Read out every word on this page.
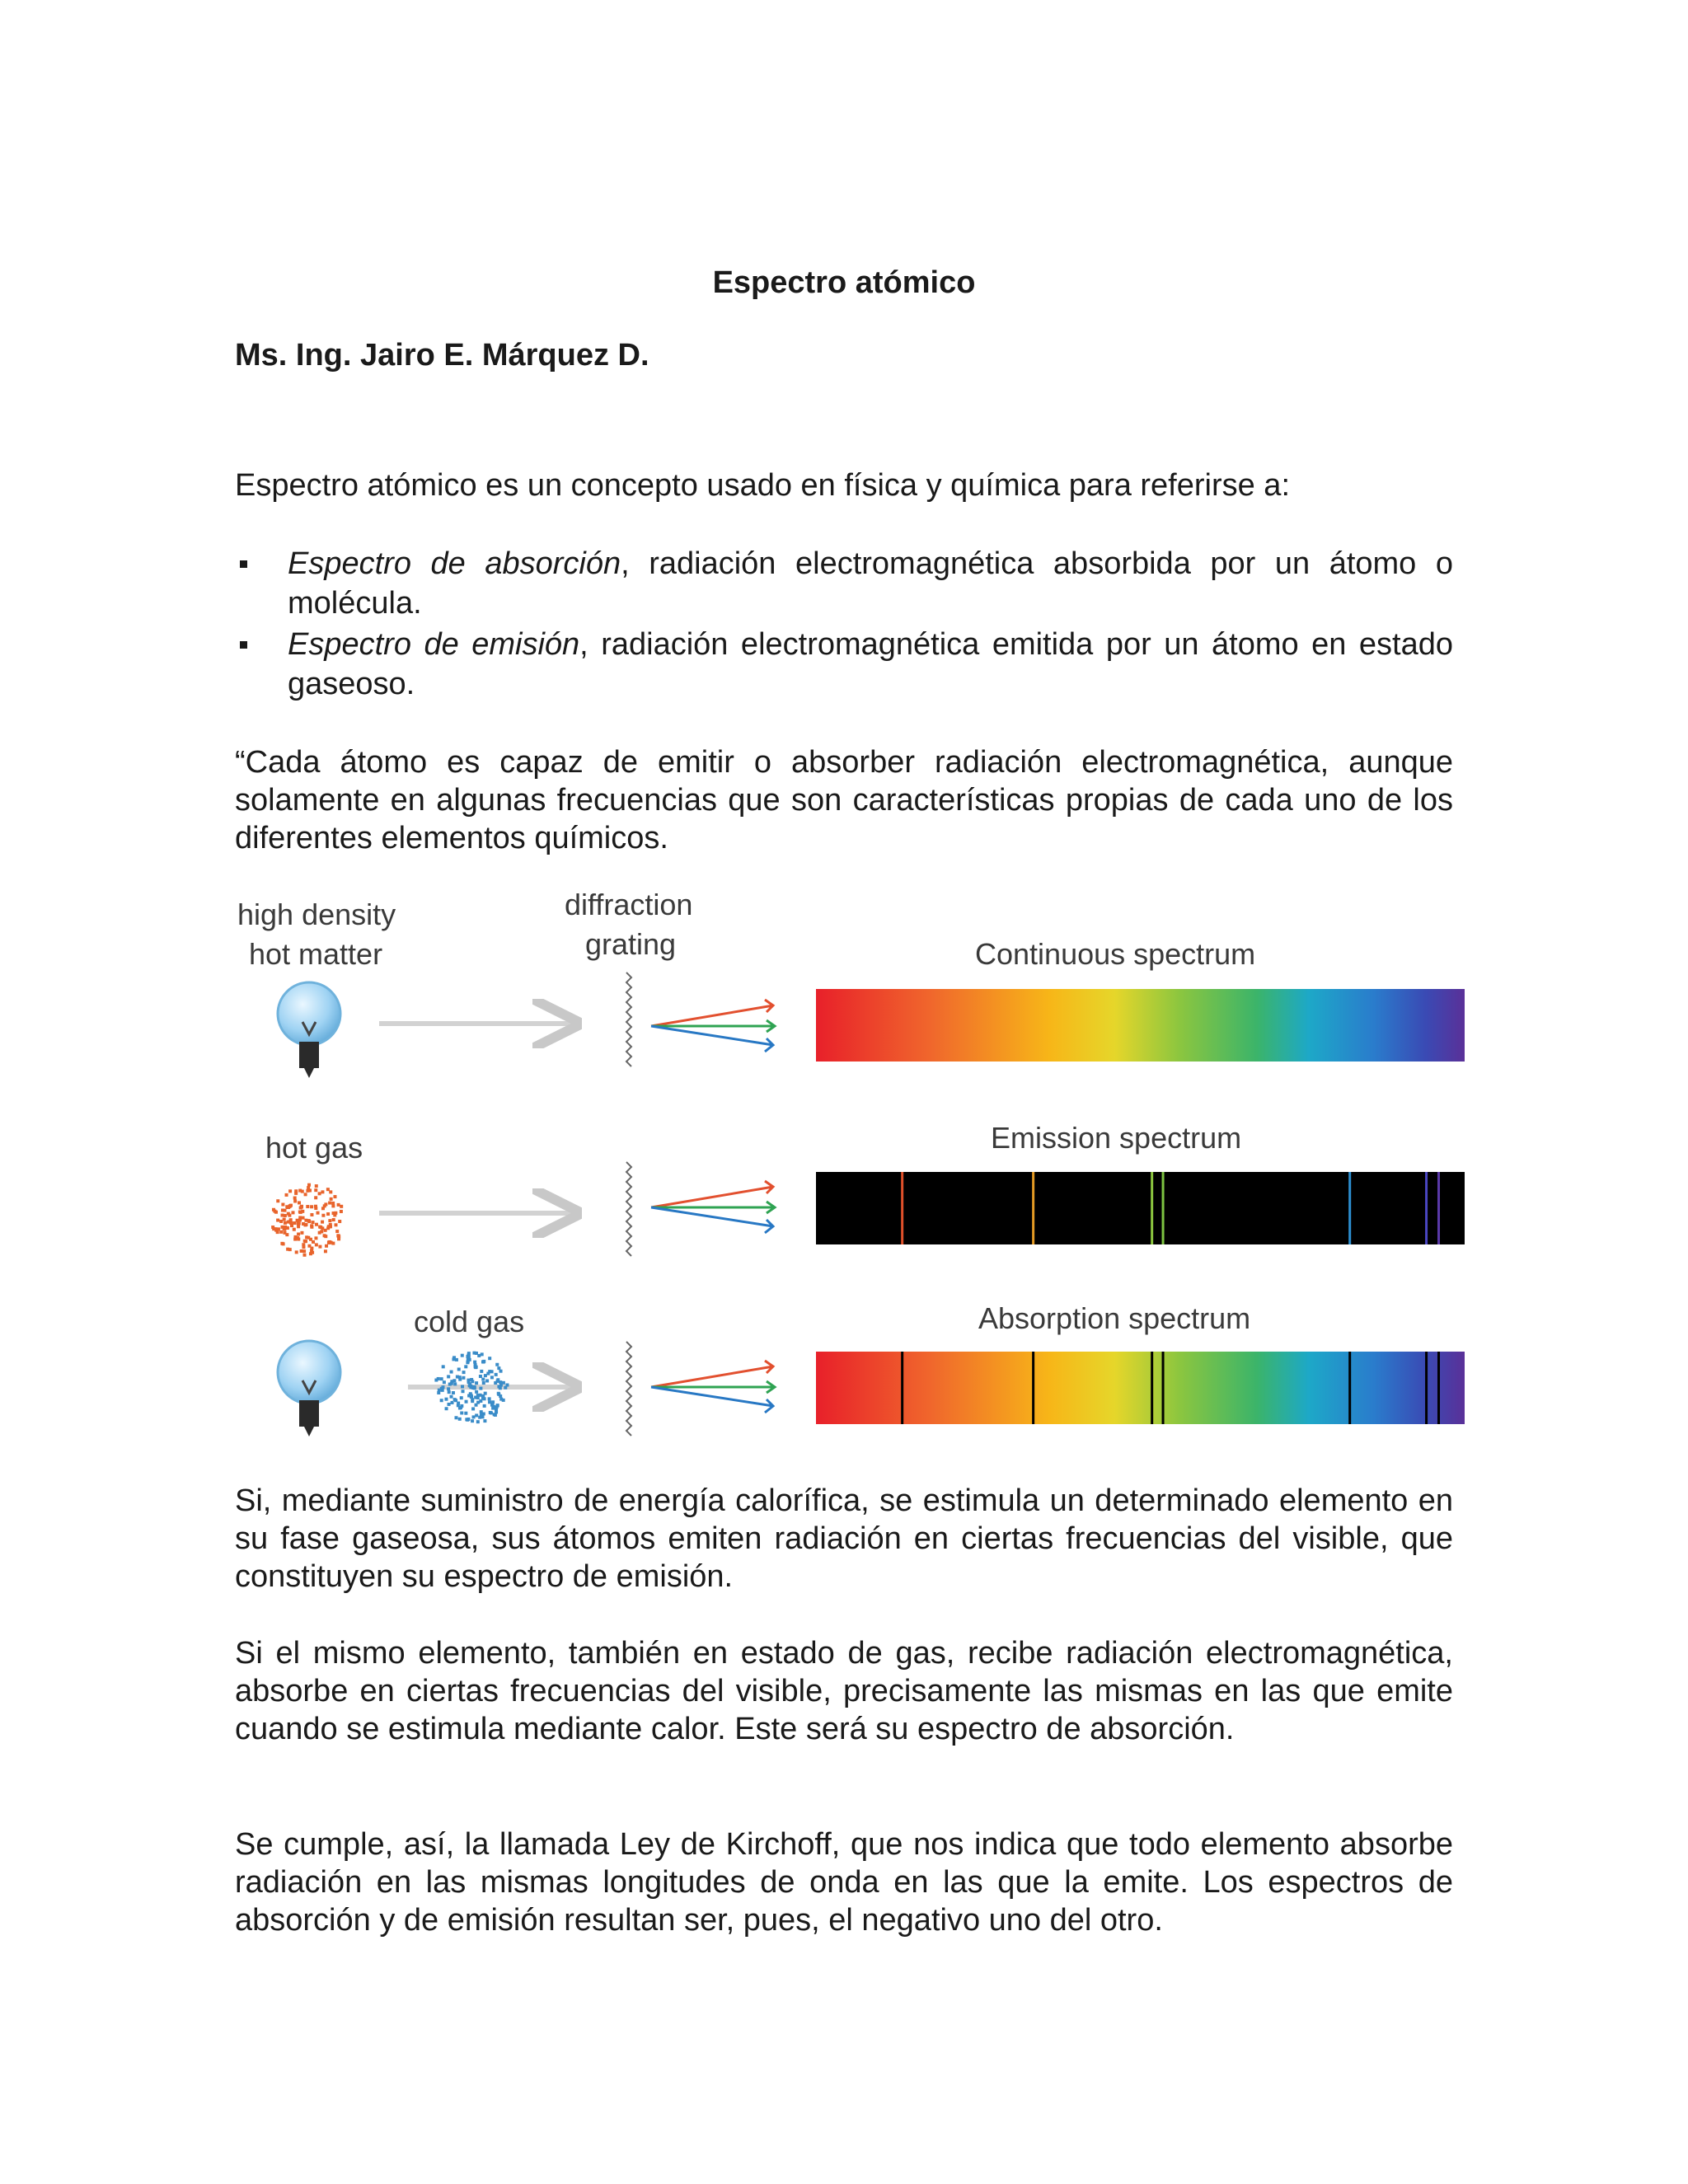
Espectro atómico

Ms. Ing. Jairo E. Márquez D.

Espectro atómico es un concepto usado en física y química para referirse a:

Espectro de absorción, radiación electromagnética absorbida por un átomo o molécula.
Espectro de emisión, radiación electromagnética emitida por un átomo en estado gaseoso.

“Cada átomo es capaz de emitir o absorber radiación electromagnética, aunque solamente en algunas frecuencias que son características propias de cada uno de los diferentes elementos químicos.

high density
hot matter
diffraction
grating	Continuous spectrum
hot gas	Emission spectrum
cold gas	Absorption spectrum

Si, mediante suministro de energía calorífica, se estimula un determinado elemento en su fase gaseosa, sus átomos emiten radiación en ciertas frecuencias del visible, que constituyen su espectro de emisión.

Si el mismo elemento, también en estado de gas, recibe radiación electromagnética, absorbe en ciertas frecuencias del visible, precisamente las mismas en las que emite cuando se estimula mediante calor. Este será su espectro de absorción.

Se cumple, así, la llamada Ley de Kirchoff, que nos indica que todo elemento absorbe radiación en las mismas longitudes de onda en las que la emite. Los espectros de absorción y de emisión resultan ser, pues, el negativo uno del otro.
